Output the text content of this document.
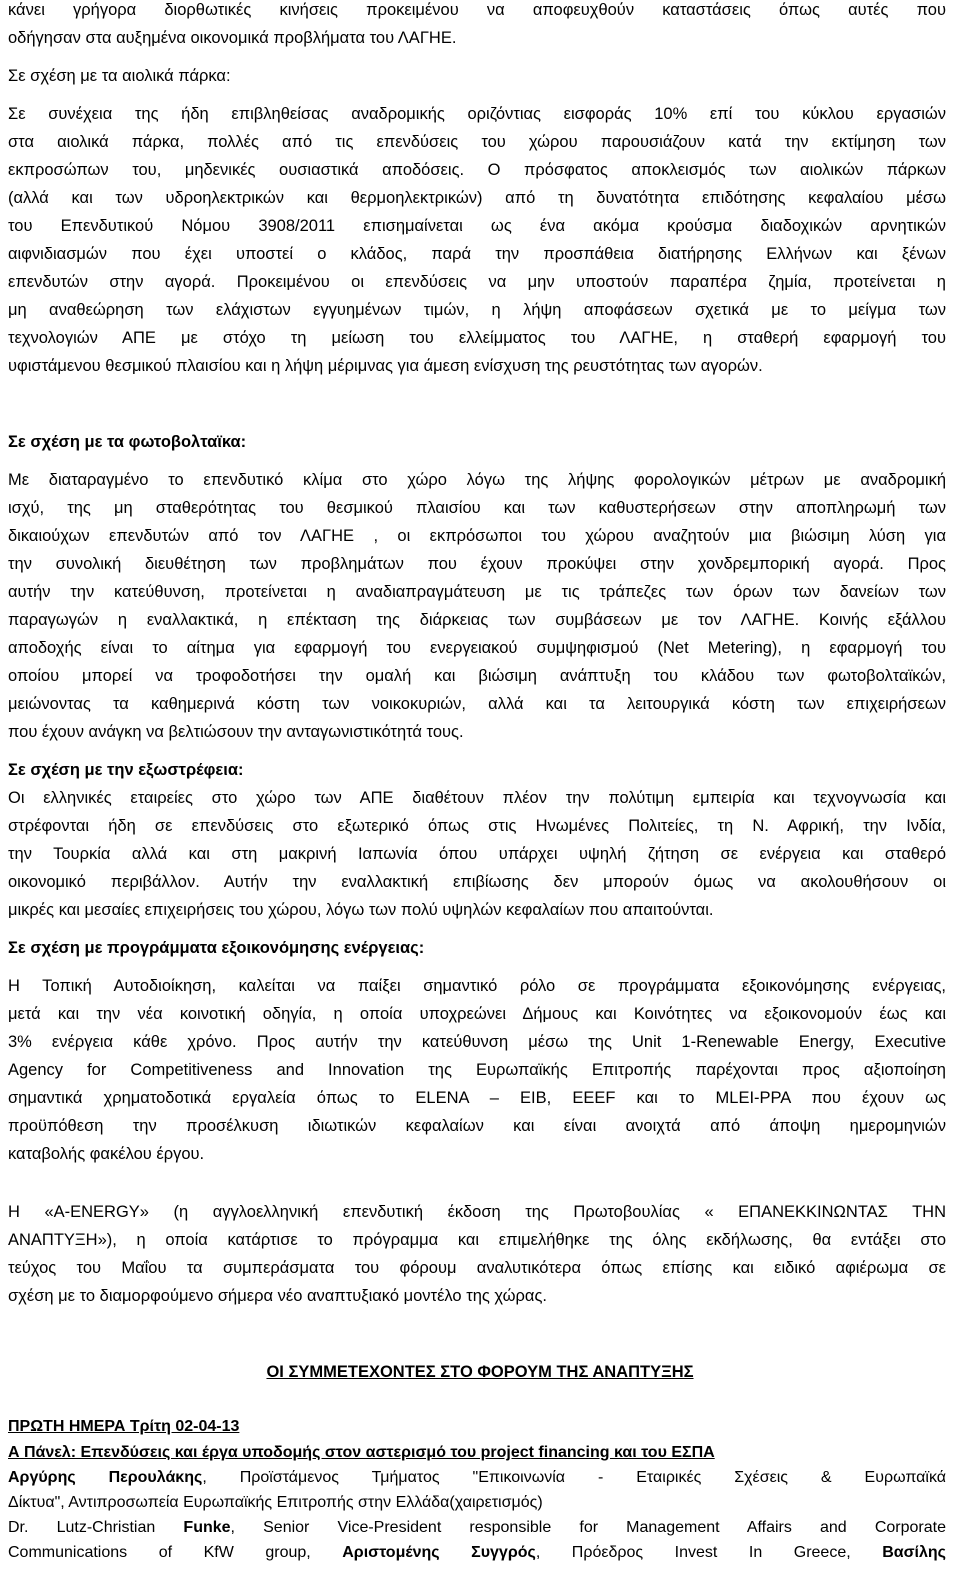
κάνει γρήγορα διορθωτικές κινήσεις προκειμένου να αποφευχθούν καταστάσεις όπως αυτές που
οδήγησαν στα αυξημένα οικονομικά προβλήματα του ΛΑΓΗΕ.
Σε σχέση με τα αιολικά πάρκα:
Σε συνέχεια της ήδη επιβληθείσας αναδρομικής οριζόντιας εισφοράς 10% επί του κύκλου εργασιών
στα αιολικά πάρκα, πολλές από τις επενδύσεις του χώρου παρουσιάζουν κατά την εκτίμηση των
εκπροσώπων του, μηδενικές ουσιαστικά αποδόσεις. Ο πρόσφατος αποκλεισμός των αιολικών πάρκων
(αλλά και των υδροηλεκτρικών και θερμοηλεκτρικών) από τη δυνατότητα επιδότησης κεφαλαίου μέσω
του Επενδυτικού Νόμου 3908/2011 επισημαίνεται ως ένα ακόμα κρούσμα διαδοχικών αρνητικών
αιφνιδιασμών που έχει υποστεί ο κλάδος, παρά την προσπάθεια διατήρησης Ελλήνων και ξένων
επενδυτών στην αγορά. Προκειμένου οι επενδύσεις να μην υποστούν παραπέρα ζημία, προτείνεται η
μη αναθεώρηση των ελάχιστων εγγυημένων τιμών, η λήψη αποφάσεων σχετικά με το μείγμα των
τεχνολογιών ΑΠΕ με στόχο τη μείωση του ελλείμματος του ΛΑΓΗΕ, η σταθερή εφαρμογή του
υφιστάμενου θεσμικού πλαισίου και η λήψη μέριμνας για άμεση ενίσχυση της ρευστότητας των αγορών.
Σε σχέση με τα φωτοβολταϊκα:
Με διαταραγμένο το επενδυτικό κλίμα στο χώρο λόγω της λήψης φορολογικών μέτρων με αναδρομική
ισχύ, της μη σταθερότητας του θεσμικού πλαισίου και των καθυστερήσεων στην αποπληρωμή των
δικαιούχων επενδυτών από τον ΛΑΓΗΕ , οι εκπρόσωποι του χώρου αναζητούν μια βιώσιμη λύση για
την συνολική διευθέτηση των προβλημάτων που έχουν προκύψει στην χονδρεμπορική αγορά. Προς
αυτήν την κατεύθυνση, προτείνεται η αναδιαπραγμάτευση με τις τράπεζες των όρων των δανείων των
παραγωγών η εναλλακτικά, η επέκταση της διάρκειας των συμβάσεων με τον ΛΑΓΗΕ. Κοινής εξάλλου
αποδοχής είναι το αίτημα για εφαρμογή του ενεργειακού συμψηφισμού (Net Metering), η εφαρμογή του
οποίου μπορεί να τροφοδοτήσει την ομαλή και βιώσιμη ανάπτυξη του κλάδου των φωτοβολταϊκών,
μειώνοντας τα καθημερινά κόστη των νοικοκυριών, αλλά και τα λειτουργικά κόστη των επιχειρήσεων
που έχουν ανάγκη να βελτιώσουν την ανταγωνιστικότητά τους.
Σε σχέση με την εξωστρέφεια:
Οι ελληνικές εταιρείες στο χώρο των ΑΠΕ διαθέτουν πλέον την πολύτιμη εμπειρία και τεχνογνωσία και
στρέφονται ήδη σε επενδύσεις στο εξωτερικό όπως στις Ηνωμένες Πολιτείες, τη Ν. Αφρική, την Ινδία,
την Τουρκία αλλά και στη μακρινή Ιαπωνία όπου υπάρχει υψηλή ζήτηση σε ενέργεια και σταθερό
οικονομικό περιβάλλον. Αυτήν την εναλλακτική επιβίωσης δεν μπορούν όμως να ακολουθήσουν οι
μικρές και μεσαίες επιχειρήσεις του χώρου, λόγω των πολύ υψηλών κεφαλαίων που απαιτούνται.
Σε σχέση με προγράμματα εξοικονόμησης ενέργειας:
Η Τοπική Αυτοδιοίκηση, καλείται να παίξει σημαντικό ρόλο σε προγράμματα εξοικονόμησης ενέργειας,
μετά και την νέα κοινοτική οδηγία, η οποία υποχρεώνει Δήμους και Κοινότητες να εξοικονομούν έως και
3% ενέργεια κάθε χρόνο. Προς αυτήν την κατεύθυνση μέσω της Unit 1-Renewable Energy, Executive
Agency for Competitiveness and Innovation της Ευρωπαϊκής Επιτροπής παρέχονται προς αξιοποίηση
σημαντικά χρηματοδοτικά εργαλεία όπως το ELENA – EIB, EEEF και το MLEI-PPA που έχουν ως
προϋπόθεση την προσέλκυση ιδιωτικών κεφαλαίων και είναι ανοιχτά από άποψη ημερομηνιών
καταβολής φακέλου έργου.
Η «A-ENERGY» (η αγγλοελληνική επενδυτική έκδοση της Πρωτοβουλίας « ΕΠΑΝΕΚΚΙΝΩΝΤΑΣ ΤΗΝ
ΑΝΑΠΤΥΞΗ»), η οποία κατάρτισε το πρόγραμμα και επιμελήθηκε της όλης εκδήλωσης, θα εντάξει στο
τεύχος του Μαΐου τα συμπεράσματα του φόρουμ αναλυτικότερα όπως επίσης και ειδικό αφιέρωμα σε
σχέση με το διαμορφούμενο σήμερα νέο αναπτυξιακό μοντέλο της χώρας.
ΟΙ ΣΥΜΜΕΤΕΧΟΝΤΕΣ ΣΤΟ ΦΟΡΟΥΜ ΤΗΣ ΑΝΑΠΤΥΞΗΣ
ΠΡΩΤΗ ΗΜΕΡΑ Τρίτη 02-04-13
Α Πάνελ: Επενδύσεις και έργα υποδομής στον αστερισμό του project financing και του ΕΣΠΑ
Αργύρης Περουλάκης, Προϊστάμενος Τμήματος "Επικοινωνία - Εταιρικές Σχέσεις & Ευρωπαϊκά
Δίκτυα", Αντιπροσωπεία Ευρωπαϊκής Επιτροπής στην Ελλάδα(χαιρετισμός)
Dr. Lutz-Christian Funke, Senior Vice-President responsible for Management Affairs and Corporate
Communications of KfW group, Αριστομένης Συγγρός, Πρόεδρος Invest In Greece, Βασίλης
